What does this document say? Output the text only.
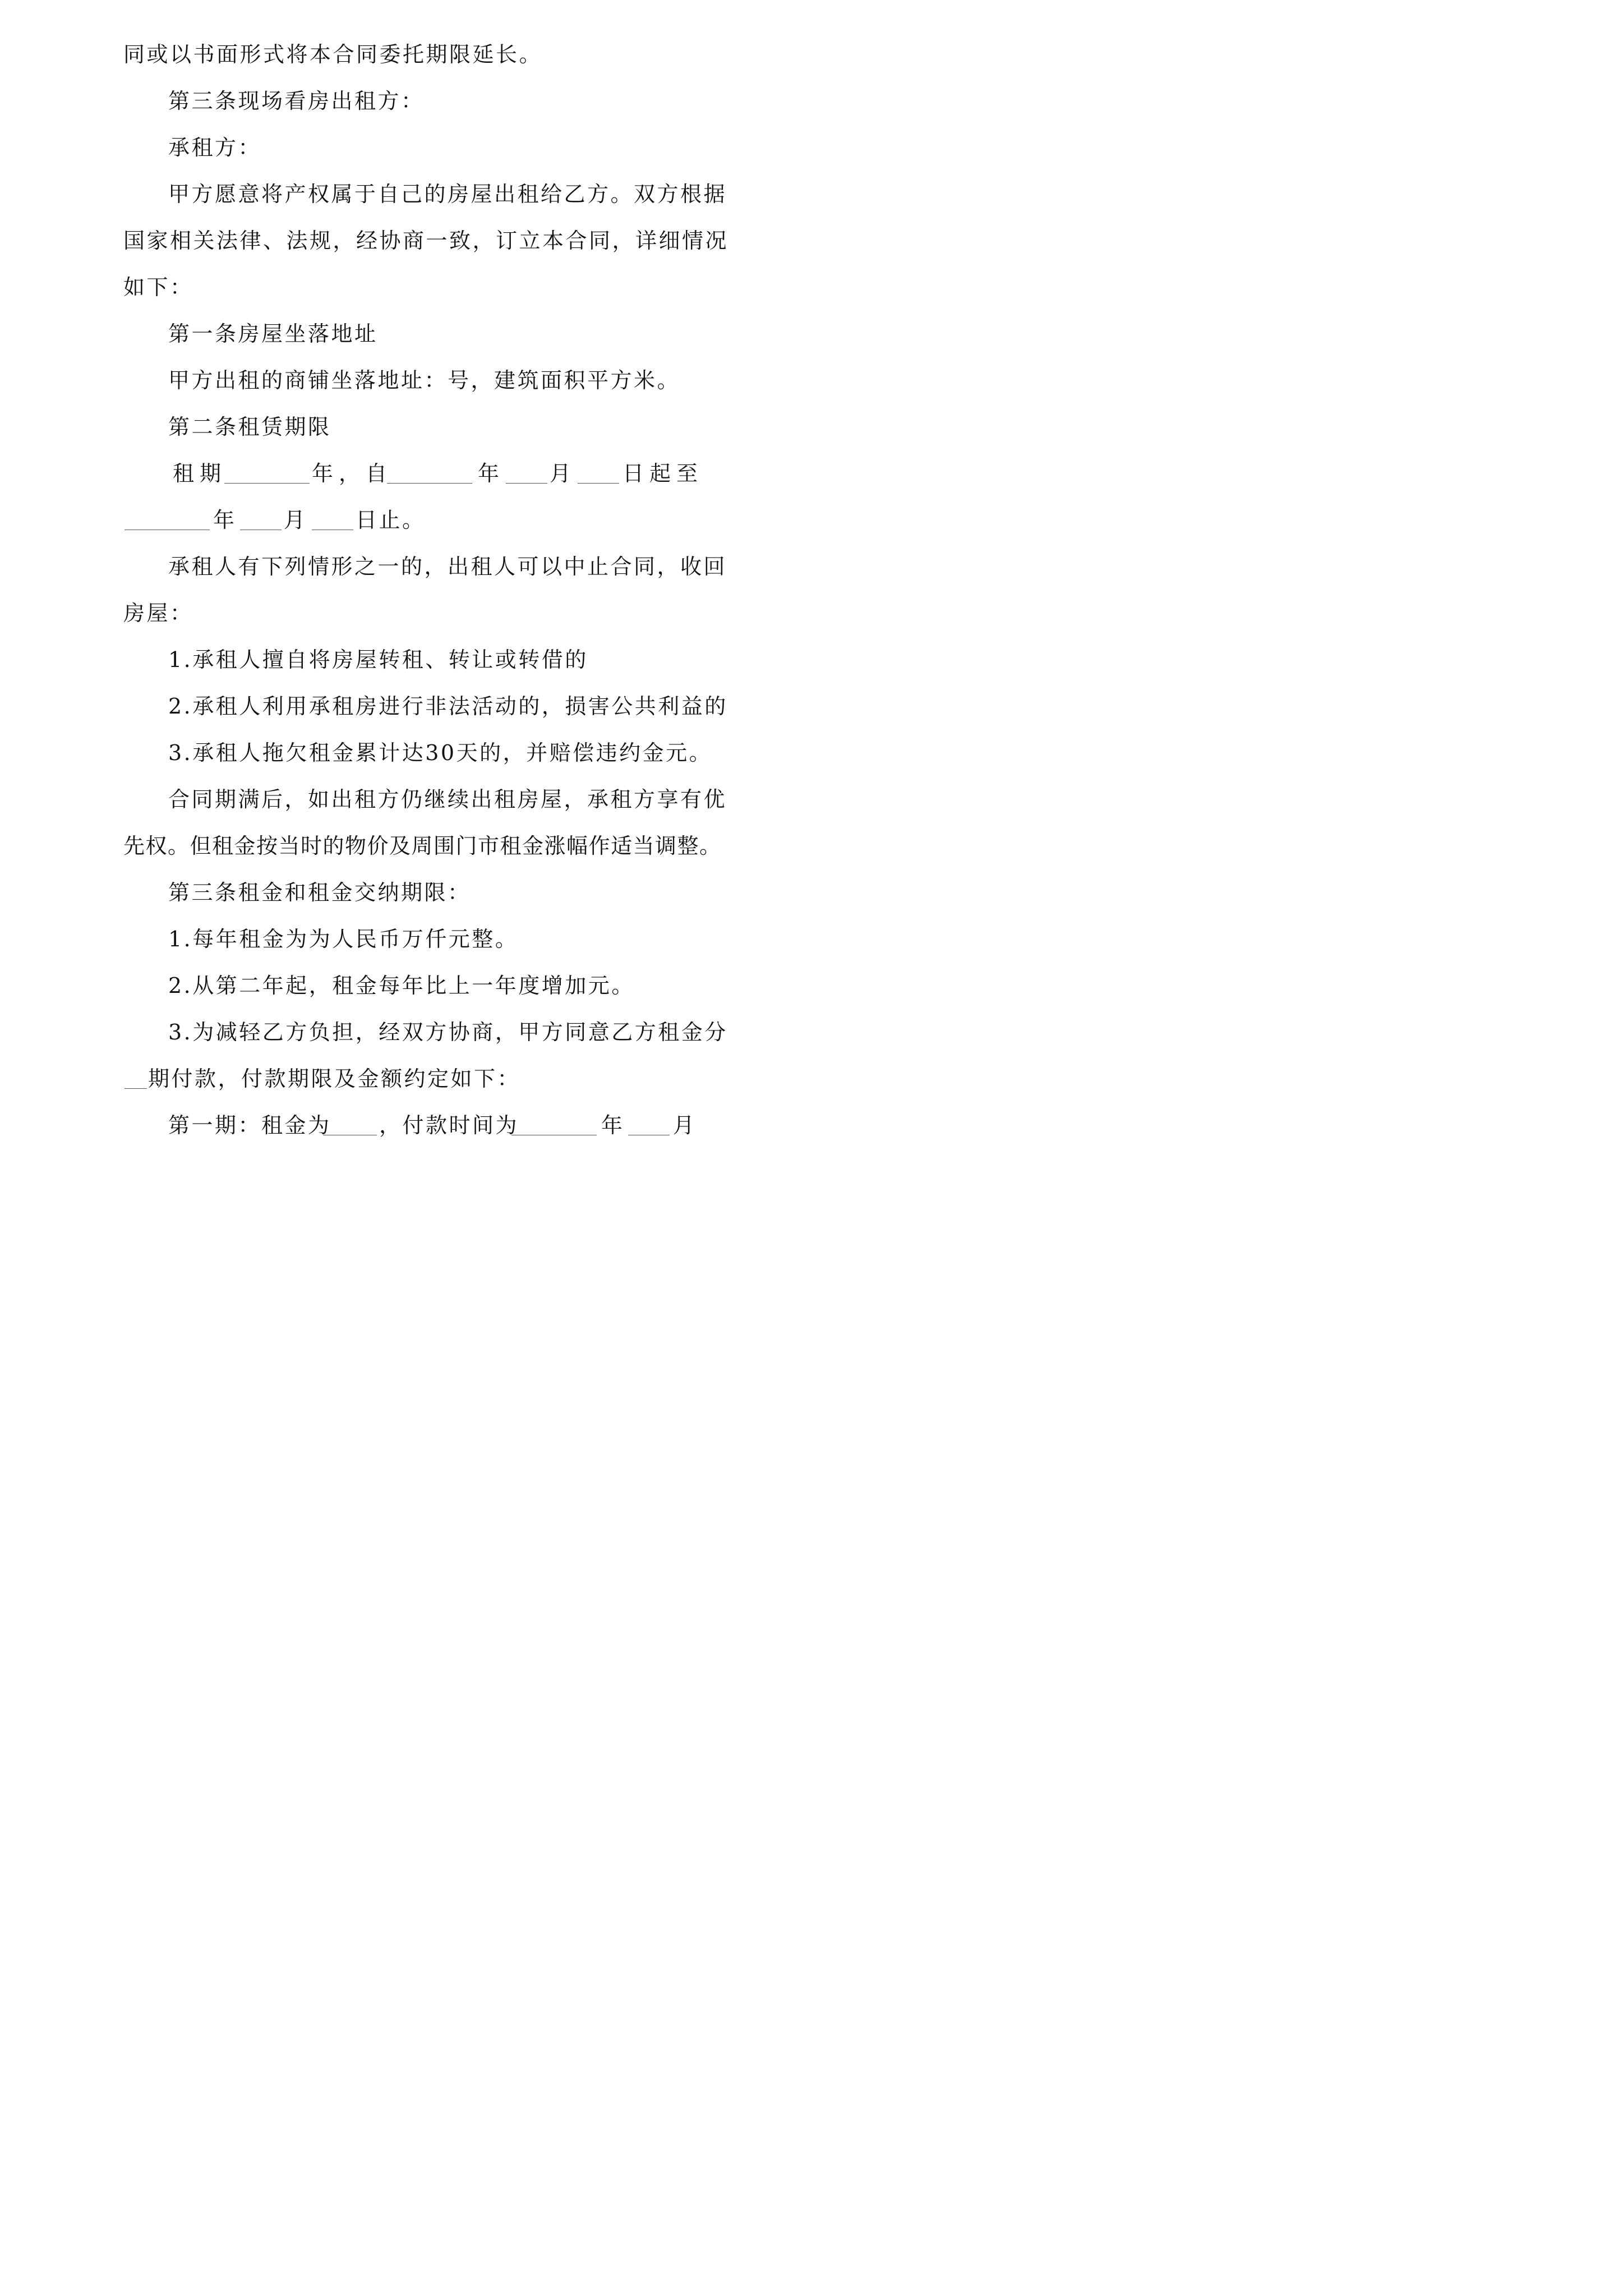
同或以书面形式将本合同委托期限延长。

第三条现场看房出租方：

承租方：

甲方愿意将产权属于自己的房屋出租给乙方。双方根据

国家相关法律、法规，经协商一致，订立本合同，详细情况

如下：

第一条房屋坐落地址

甲方出租的商铺坐落地址：号，建筑面积平方米。

第二条租赁期限

租期

	年，自

	年

月

日起至

年

月

日止。

承租人有下列情形之一的，出租人可以中止合同，收回

房屋：

1.承租人擅自将房屋转租、转让或转借的

2.承租人利用承租房进行非法活动的，损害公共利益的

3.承租人拖欠租金累计达30天的，并赔偿违约金元。

合同期满后，如出租方仍继续出租房屋，承租方享有优

先权。但租金按当时的物价及周围门市租金涨幅作适当调整。

第三条租金和租金交纳期限：

1.每年租金为为人民币万仟元整。

2.从第二年起，租金每年比上一年度增加元。

3.为减轻乙方负担，经双方协商，甲方同意乙方租金分

期付款，付款期限及金额约定如下：

第一期：租金为

，付款时间为

	年

月
